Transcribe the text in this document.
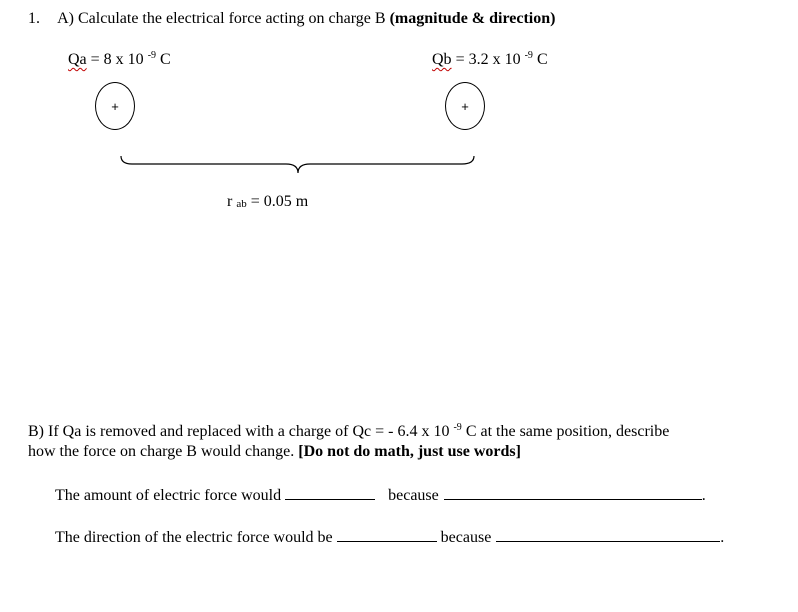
1. A) Calculate the electrical force acting on charge B (magnitude & direction)
Qa = 8 x 10 $^{-9}$ C	Qb = 3.2 x 10 $^{-9}$ C
+	+
r $_{ab}$ = 0.05 m
B) If Qa is removed and replaced with a charge of Qc = - 6.4 x 10 $^{-9}$ C at the same position, describe
how the force on charge B would change. [Do not do math, just use words]
The amount of electric force would	because	.
The direction of the electric force would be	because	.
